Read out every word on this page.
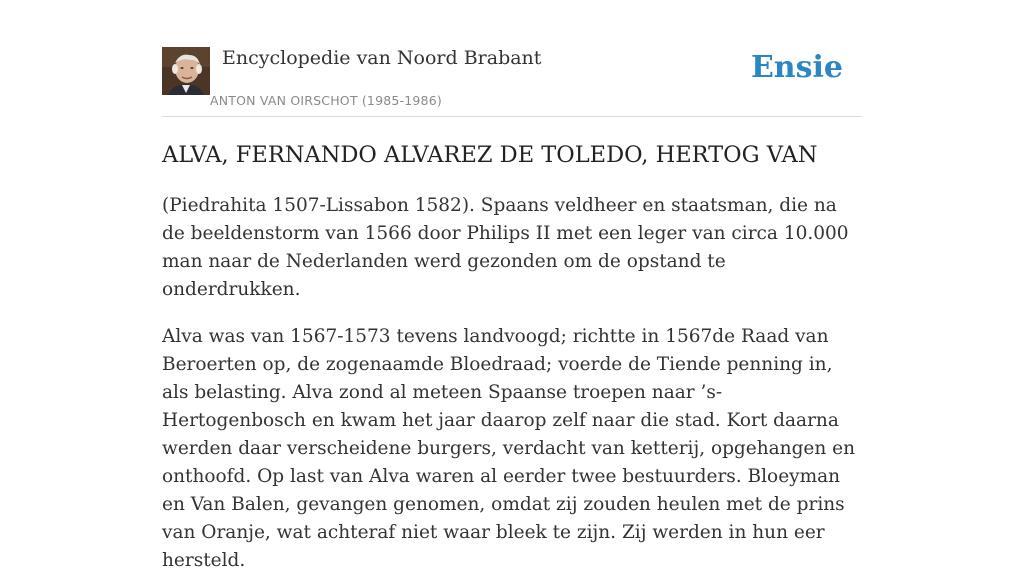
Encyclopedie van Noord Brabant
ANTON VAN OIRSCHOT (1985-1986)
Ensie
ALVA, FERNANDO ALVAREZ DE TOLEDO, HERTOG VAN

(Piedrahita 1507-Lissabon 1582). Spaans veldheer en staatsman, die na de beeldenstorm van 1566 door Philips II met een leger van circa 10.000 man naar de Nederlanden werd gezonden om de opstand te onderdrukken.

Alva was van 1567-1573 tevens landvoogd; richtte in 1567de Raad van Beroerten op, de zogenaamde Bloedraad; voerde de Tiende penning in, als belasting. Alva zond al meteen Spaanse troepen naar ’s-Hertogenbosch en kwam het jaar daarop zelf naar die stad. Kort daarna werden daar verscheidene burgers, verdacht van ketterij, opgehangen en onthoofd. Op last van Alva waren al eerder twee bestuurders. Bloeyman en Van Balen, gevangen genomen, omdat zij zouden heulen met de prins van Oranje, wat achteraf niet waar bleek te zijn. Zij werden in hun eer hersteld.
